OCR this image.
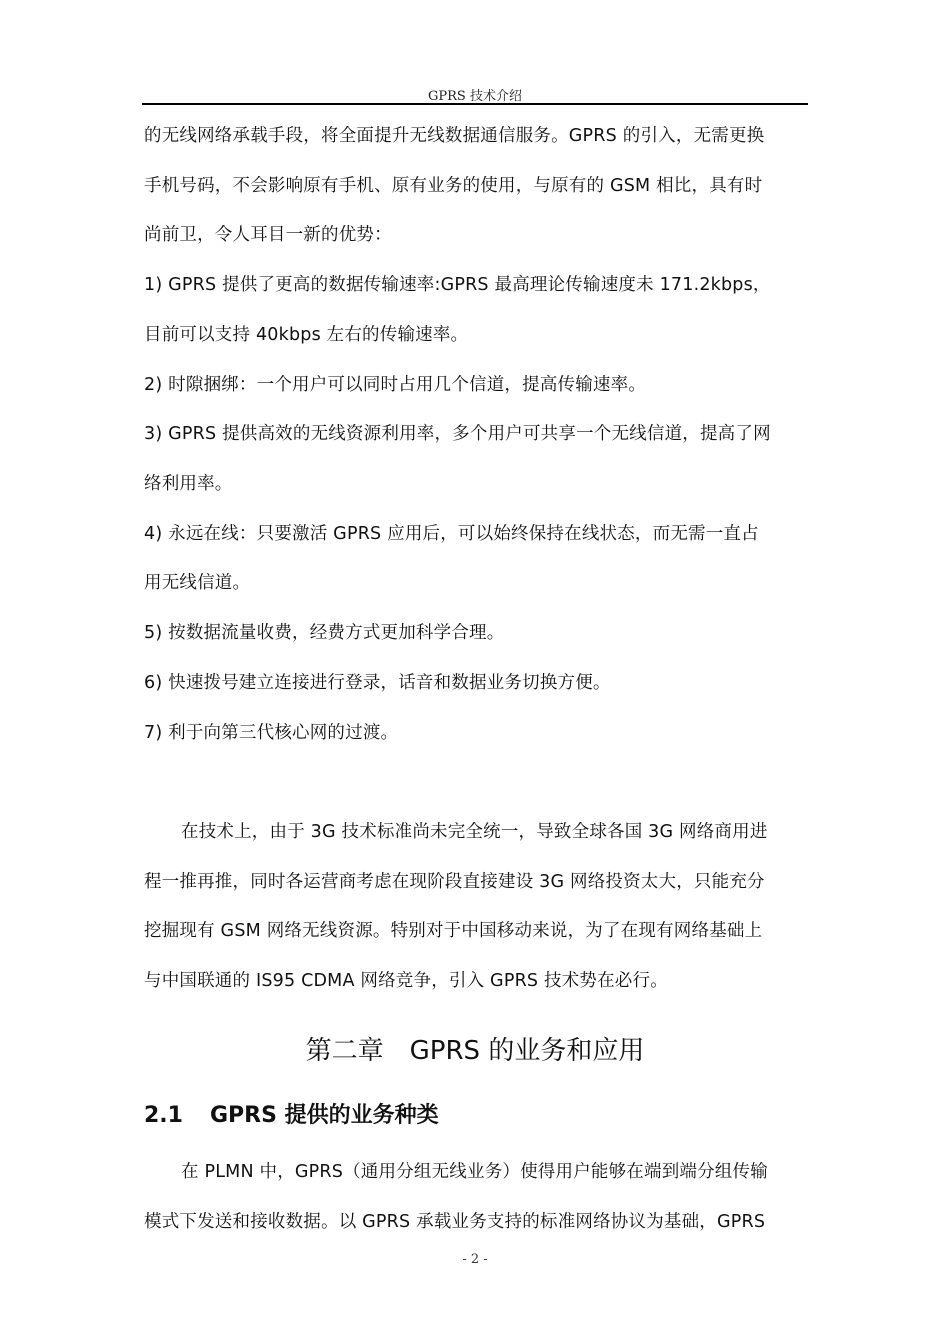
GPRS 技术介绍
的无线网络承载手段，将全面提升无线数据通信服务。GPRS 的引入，无需更换
手机号码，不会影响原有手机、原有业务的使用，与原有的 GSM 相比，具有时
尚前卫，令人耳目一新的优势：
1) GPRS 提供了更高的数据传输速率:GPRS 最高理论传输速度未 171.2kbps，
目前可以支持 40kbps 左右的传输速率。
2) 时隙捆绑：一个用户可以同时占用几个信道，提高传输速率。
3) GPRS 提供高效的无线资源利用率，多个用户可共享一个无线信道，提高了网
络利用率。
4) 永远在线：只要激活 GPRS 应用后，可以始终保持在线状态，而无需一直占
用无线信道。
5) 按数据流量收费，经费方式更加科学合理。
6) 快速拨号建立连接进行登录，话音和数据业务切换方便。
7) 利于向第三代核心网的过渡。
在技术上，由于 3G 技术标准尚未完全统一，导致全球各国 3G 网络商用进
程一推再推，同时各运营商考虑在现阶段直接建设 3G 网络投资太大，只能充分
挖掘现有 GSM 网络无线资源。特别对于中国移动来说，为了在现有网络基础上
与中国联通的 IS95 CDMA 网络竞争，引入 GPRS 技术势在必行。
第二章　GPRS 的业务和应用
2.1 GPRS 提供的业务种类
在 PLMN 中，GPRS（通用分组无线业务）使得用户能够在端到端分组传输
模式下发送和接收数据。以 GPRS 承载业务支持的标准网络协议为基础，GPRS
- 2 -
